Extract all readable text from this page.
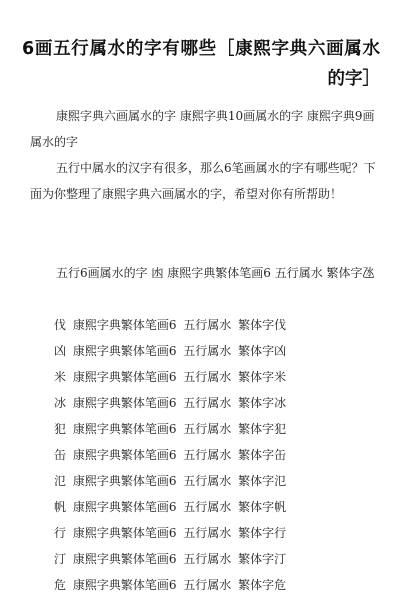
6画五行属水的字有哪些［康熙字典六画属水的字］

康熙字典六画属水的字 康熙字典10画属水的字 康熙字典9画属水的字

五行中属水的汉字有很多，那么6笔画属水的字有哪些呢？下面为你整理了康熙字典六画属水的字，希望对你有所帮助！

五行6画属水的字 凼 康熙字典繁体笔画6 五行属水 繁体字氹

伐 康熙字典繁体笔画6 五行属水 繁体字伐
凶 康熙字典繁体笔画6 五行属水 繁体字凶
米 康熙字典繁体笔画6 五行属水 繁体字米
冰 康熙字典繁体笔画6 五行属水 繁体字冰
犯 康熙字典繁体笔画6 五行属水 繁体字犯
缶 康熙字典繁体笔画6 五行属水 繁体字缶
氾 康熙字典繁体笔画6 五行属水 繁体字氾
帆 康熙字典繁体笔画6 五行属水 繁体字帆
行 康熙字典繁体笔画6 五行属水 繁体字行
汀 康熙字典繁体笔画6 五行属水 繁体字汀
危 康熙字典繁体笔画6 五行属水 繁体字危
